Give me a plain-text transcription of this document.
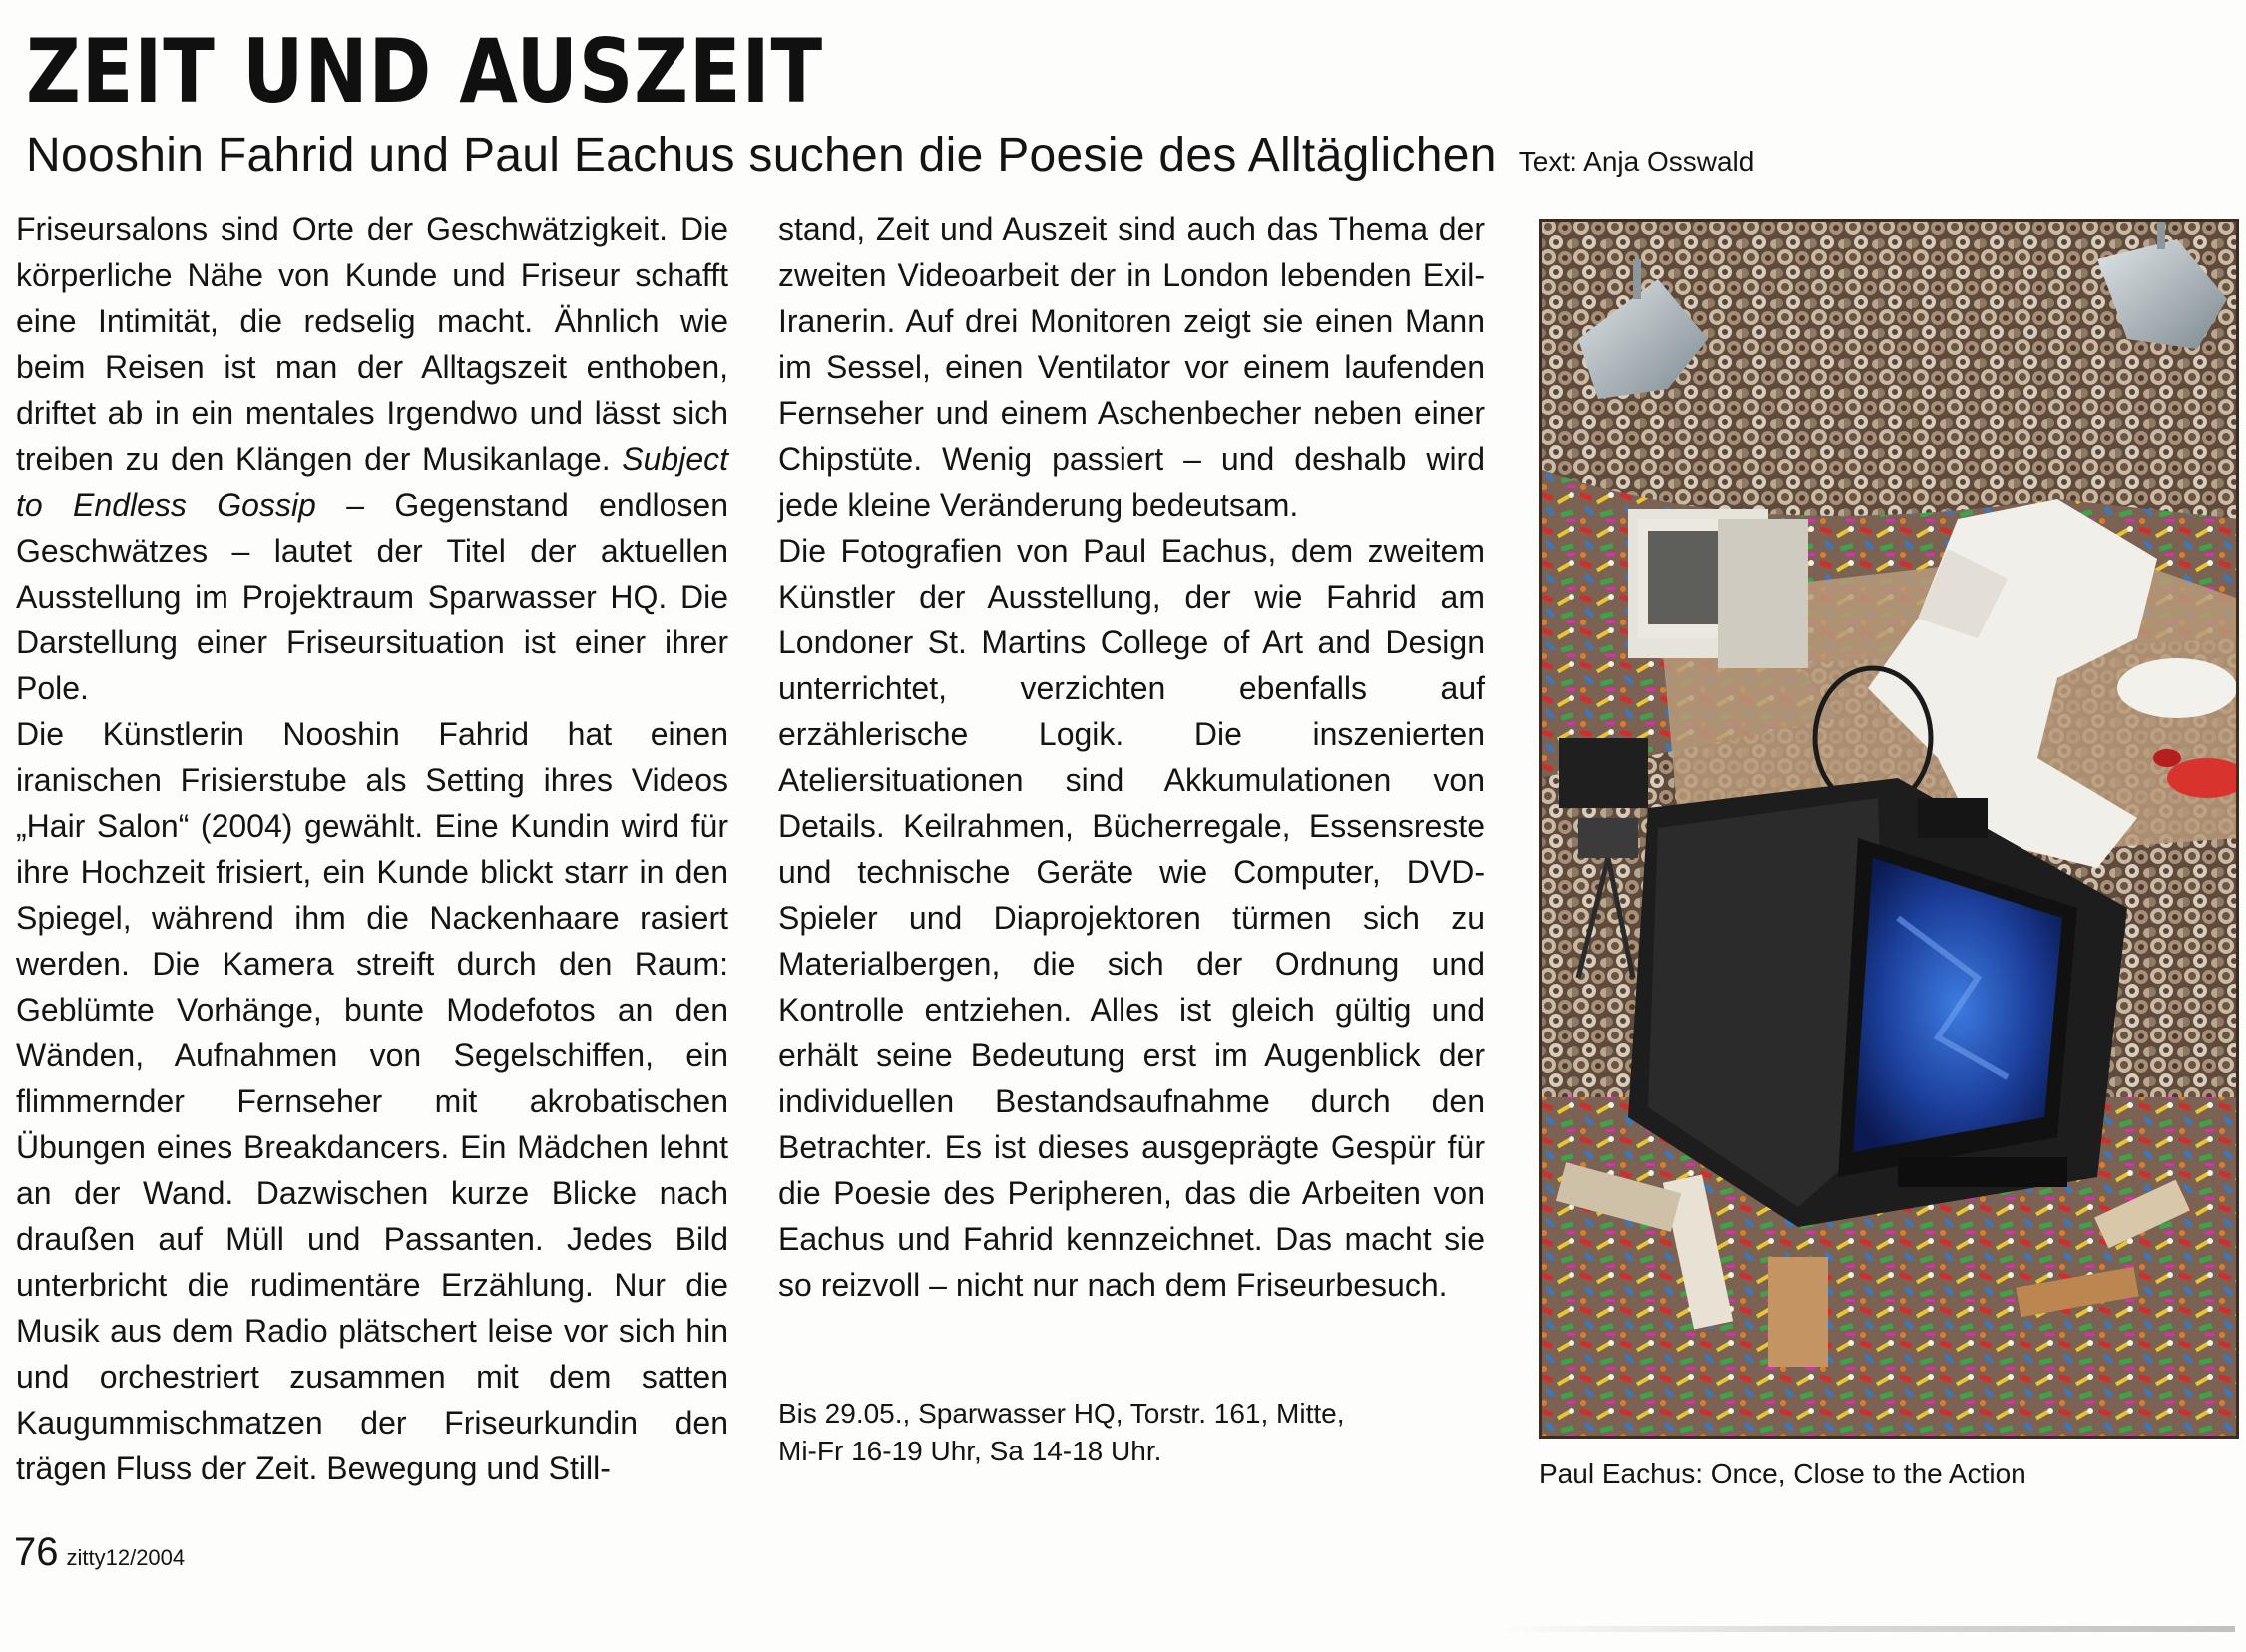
ZEIT UND AUSZEIT
Nooshin Fahrid und Paul Eachus suchen die Poesie des Alltäglichen Text: Anja Osswald

Friseursalons sind Orte der Geschwätzigkeit. Die körperliche Nähe von Kunde und Friseur schafft eine Intimität, die redselig macht. Ähnlich wie beim Reisen ist man der Alltagszeit enthoben, driftet ab in ein mentales Irgendwo und lässt sich treiben zu den Klängen der Musikanlage. Subject to Endless Gossip – Gegenstand endlosen Geschwätzes – lautet der Titel der aktuellen Ausstellung im Projektraum Sparwasser HQ. Die Darstellung einer Friseursituation ist einer ihrer Pole.

Die Künstlerin Nooshin Fahrid hat einen iranischen Frisierstube als Setting ihres Videos „Hair Salon“ (2004) gewählt. Eine Kundin wird für ihre Hochzeit frisiert, ein Kunde blickt starr in den Spiegel, während ihm die Nackenhaare rasiert werden. Die Kamera streift durch den Raum: Geblümte Vorhänge, bunte Modefotos an den Wänden, Aufnahmen von Segelschiffen, ein flimmernder Fernseher mit akrobatischen Übungen eines Breakdancers. Ein Mädchen lehnt an der Wand. Dazwischen kurze Blicke nach draußen auf Müll und Passanten. Jedes Bild unterbricht die rudimentäre Erzählung. Nur die Musik aus dem Radio plätschert leise vor sich hin und orchestriert zusammen mit dem satten Kaugummischmatzen der Friseurkundin den trägen Fluss der Zeit. Bewegung und Still-

stand, Zeit und Auszeit sind auch das Thema der zweiten Videoarbeit der in London lebenden Exil-Iranerin. Auf drei Monitoren zeigt sie einen Mann im Sessel, einen Ventilator vor einem laufenden Fernseher und einem Aschenbecher neben einer Chipstüte. Wenig passiert – und deshalb wird jede kleine Veränderung bedeutsam.

Die Fotografien von Paul Eachus, dem zweitem Künstler der Ausstellung, der wie Fahrid am Londoner St. Martins College of Art and Design unterrichtet, verzichten ebenfalls auf erzählerische Logik. Die inszenierten Ateliersituationen sind Akkumulationen von Details. Keilrahmen, Bücherregale, Essensreste und technische Geräte wie Computer, DVD-Spieler und Diaprojektoren türmen sich zu Materialbergen, die sich der Ordnung und Kontrolle entziehen. Alles ist gleich gültig und erhält seine Bedeutung erst im Augenblick der individuellen Bestandsaufnahme durch den Betrachter. Es ist dieses ausgeprägte Gespür für die Poesie des Peripheren, das die Arbeiten von Eachus und Fahrid kennzeichnet. Das macht sie so reizvoll – nicht nur nach dem Friseurbesuch.

Bis 29.05., Sparwasser HQ, Torstr. 161, Mitte,
Mi-Fr 16-19 Uhr, Sa 14-18 Uhr.
Paul Eachus: Once, Close to the Action
76 zitty12/2004
